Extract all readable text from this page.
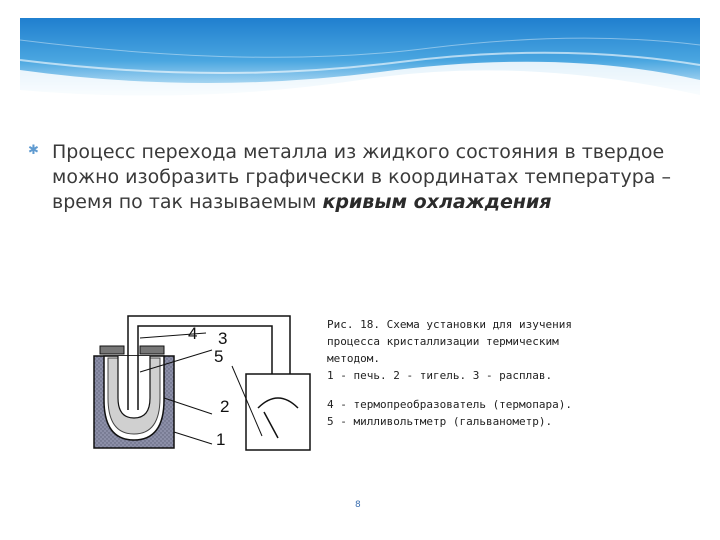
✱ Процесс перехода металла из жидкого состояния в твердое можно изобразить графически в координатах температура – время по так называемым кривым охлаждения
4 3
5
2
1
Рис. 18. Схема установки для изучения
процесса кристаллизации термическим
методом.
1 - печь. 2 - тигель. 3 - расплав.
4 - термопреобразователь (термопара).
5 - милливольтметр (гальванометр).
8
